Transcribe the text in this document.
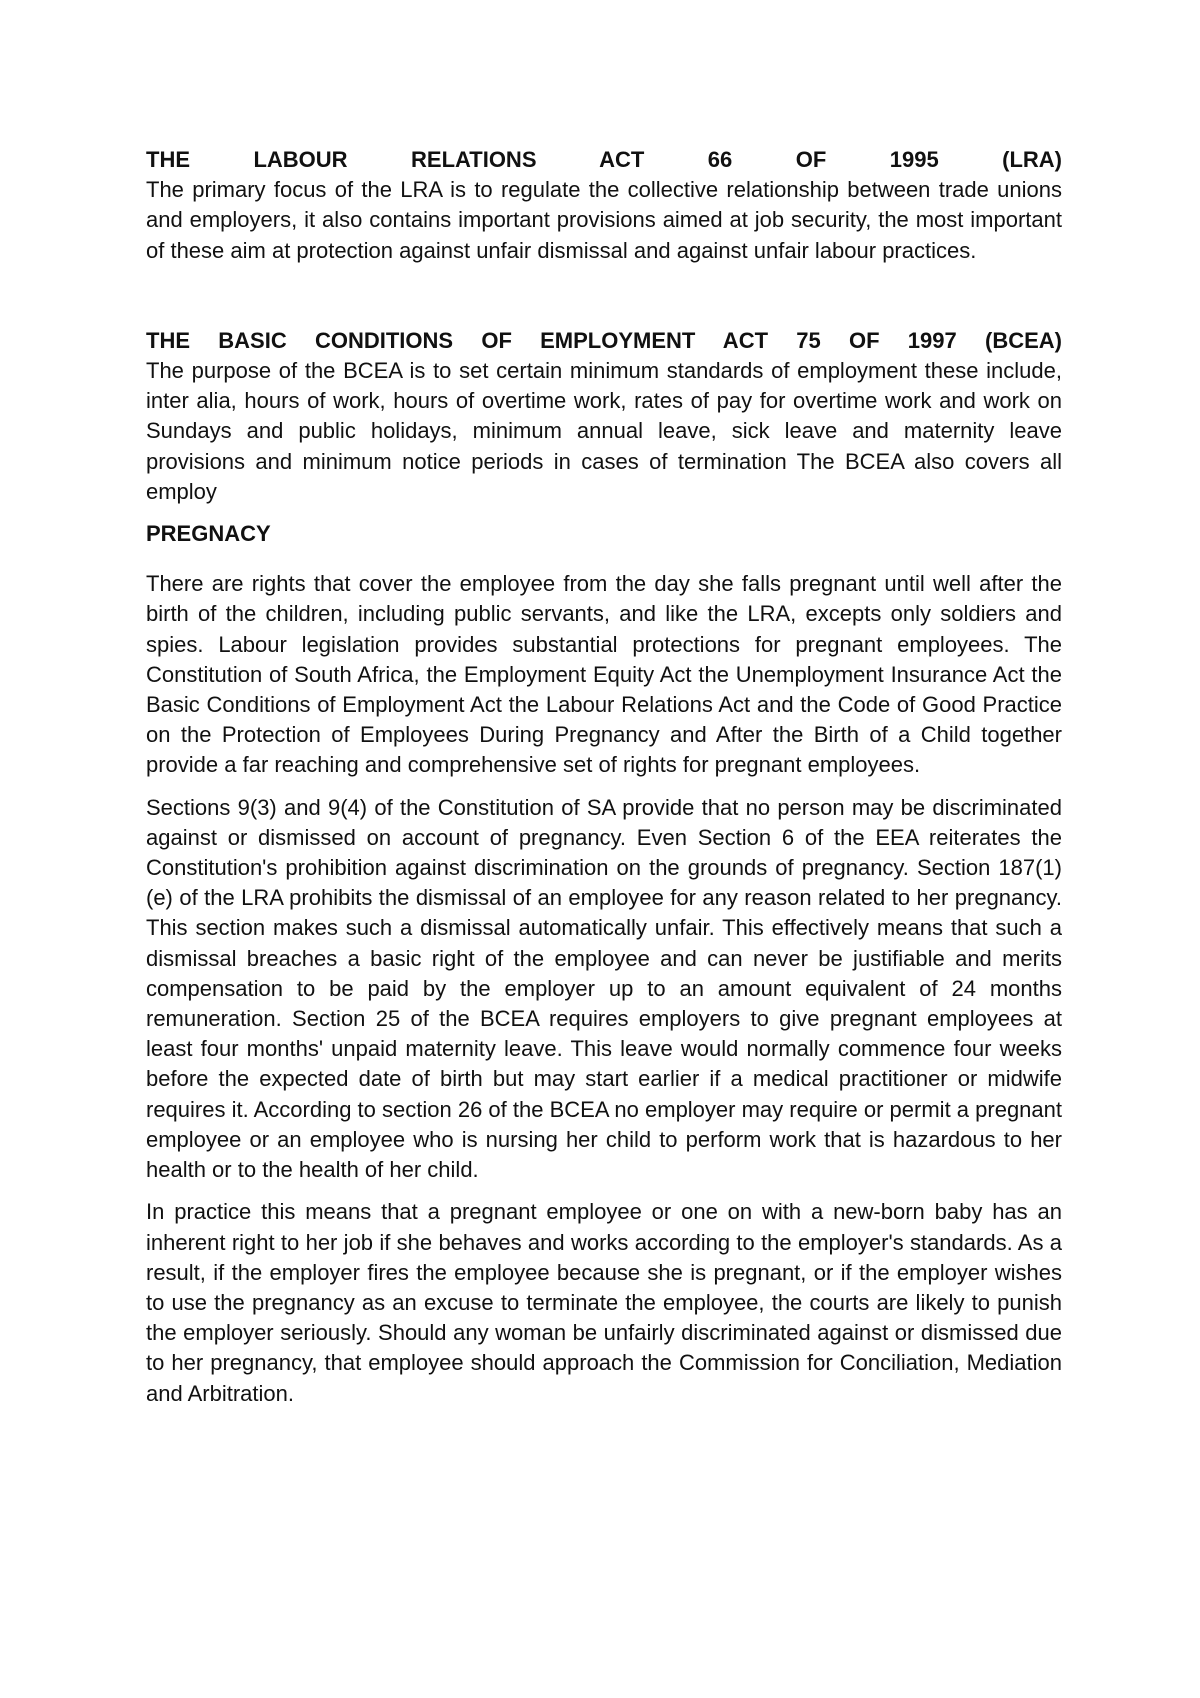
THE LABOUR RELATIONS ACT 66 OF 1995 (LRA)

The primary focus of the LRA is to regulate the collective relationship between trade unions and employers, it also contains important provisions aimed at job security, the most important of these aim at protection against unfair dismissal and against unfair labour practices.

THE BASIC CONDITIONS OF EMPLOYMENT ACT 75 OF 1997 (BCEA)

The purpose of the BCEA is to set certain minimum standards of employment these include, inter alia, hours of work, hours of overtime work, rates of pay for overtime work and work on Sundays and public holidays, minimum annual leave, sick leave and maternity leave provisions and minimum notice periods in cases of termination The BCEA also covers all employ

PREGNACY

There are rights that cover the employee from the day she falls pregnant until well after the birth of the children, including public servants, and like the LRA, excepts only soldiers and spies. Labour legislation provides substantial protections for pregnant employees. The Constitution of South Africa, the Employment Equity Act the Unemployment Insurance Act the Basic Conditions of Employment Act the Labour Relations Act and the Code of Good Practice on the Protection of Employees During Pregnancy and After the Birth of a Child together provide a far reaching and comprehensive set of rights for pregnant employees.

Sections 9(3) and 9(4) of the Constitution of SA provide that no person may be discriminated against or dismissed on account of pregnancy. Even Section 6 of the EEA reiterates the Constitution's prohibition against discrimination on the grounds of pregnancy. Section 187(1)(e) of the LRA prohibits the dismissal of an employee for any reason related to her pregnancy. This section makes such a dismissal automatically unfair. This effectively means that such a dismissal breaches a basic right of the employee and can never be justifiable and merits compensation to be paid by the employer up to an amount equivalent of 24 months remuneration. Section 25 of the BCEA requires employers to give pregnant employees at least four months' unpaid maternity leave. This leave would normally commence four weeks before the expected date of birth but may start earlier if a medical practitioner or midwife requires it. According to section 26 of the BCEA no employer may require or permit a pregnant employee or an employee who is nursing her child to perform work that is hazardous to her health or to the health of her child.

In practice this means that a pregnant employee or one on with a new-born baby has an inherent right to her job if she behaves and works according to the employer's standards. As a result, if the employer fires the employee because she is pregnant, or if the employer wishes to use the pregnancy as an excuse to terminate the employee, the courts are likely to punish the employer seriously. Should any woman be unfairly discriminated against or dismissed due to her pregnancy, that employee should approach the Commission for Conciliation, Mediation and Arbitration.
